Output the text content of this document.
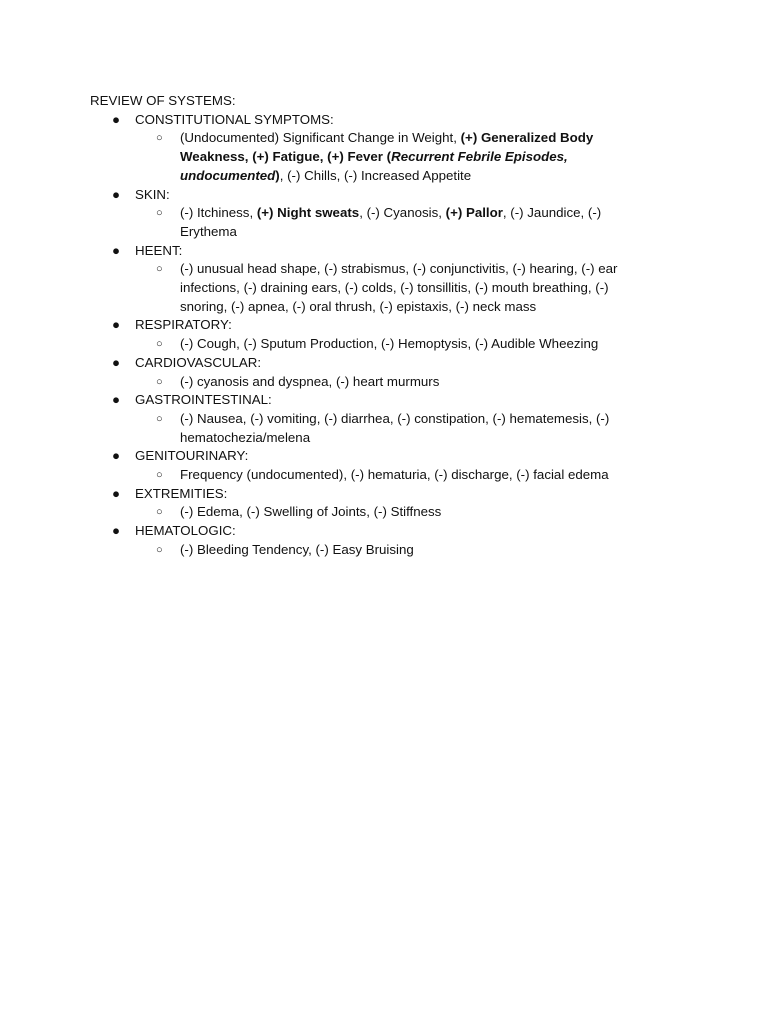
REVIEW OF SYSTEMS:

● CONSTITUTIONAL SYMPTOMS:
○ (Undocumented) Significant Change in Weight, (+) Generalized Body Weakness, (+) Fatigue, (+) Fever (Recurrent Febrile Episodes, undocumented), (-) Chills, (-) Increased Appetite
● SKIN:
○ (-) Itchiness, (+) Night sweats, (-) Cyanosis, (+) Pallor, (-) Jaundice, (-) Erythema
● HEENT:
○ (-) unusual head shape, (-) strabismus, (-) conjunctivitis, (-) hearing, (-) ear infections, (-) draining ears, (-) colds, (-) tonsillitis, (-) mouth breathing, (-) snoring, (-) apnea, (-) oral thrush, (-) epistaxis, (-) neck mass
● RESPIRATORY:
○ (-) Cough, (-) Sputum Production, (-) Hemoptysis, (-) Audible Wheezing
● CARDIOVASCULAR:
○ (-) cyanosis and dyspnea, (-) heart murmurs
● GASTROINTESTINAL:
○ (-) Nausea, (-) vomiting, (-) diarrhea, (-) constipation, (-) hematemesis, (-) hematochezia/melena
● GENITOURINARY:
○ Frequency (undocumented), (-) hematuria, (-) discharge, (-) facial edema
● EXTREMITIES:
○ (-) Edema, (-) Swelling of Joints, (-) Stiffness
● HEMATOLOGIC:
○ (-) Bleeding Tendency, (-) Easy Bruising
